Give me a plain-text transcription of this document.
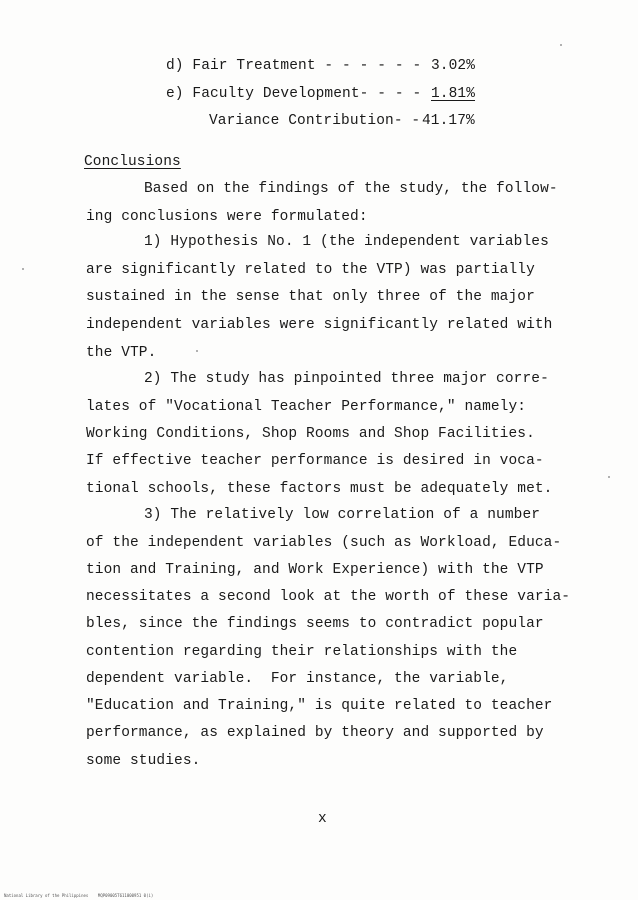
d) Fair Treatment - - - - - - 3.02%
e) Faculty Development- - - - 1.81%
Variance Contribution- - 41.17%
Conclusions
Based on the findings of the study, the follow-
ing conclusions were formulated:
1) Hypothesis No. 1 (the independent variables
are significantly related to the VTP) was partially
sustained in the sense that only three of the major
independent variables were significantly related with
the VTP.
2) The study has pinpointed three major corre-
lates of "Vocational Teacher Performance," namely:
Working Conditions, Shop Rooms and Shop Facilities.
If effective teacher performance is desired in voca-
tional schools, these factors must be adequately met.
3) The relatively low correlation of a number
of the independent variables (such as Workload, Educa-
tion and Training, and Work Experience) with the VTP
necessitates a second look at the worth of these varia-
bles, since the findings seems to contradict popular
contention regarding their relationships with the
dependent variable.  For instance, the variable,
"Education and Training," is quite related to teacher
performance, as explained by theory and supported by
some studies.
x
National Library of the Philippines    MQP09005T611000951 0(i)
